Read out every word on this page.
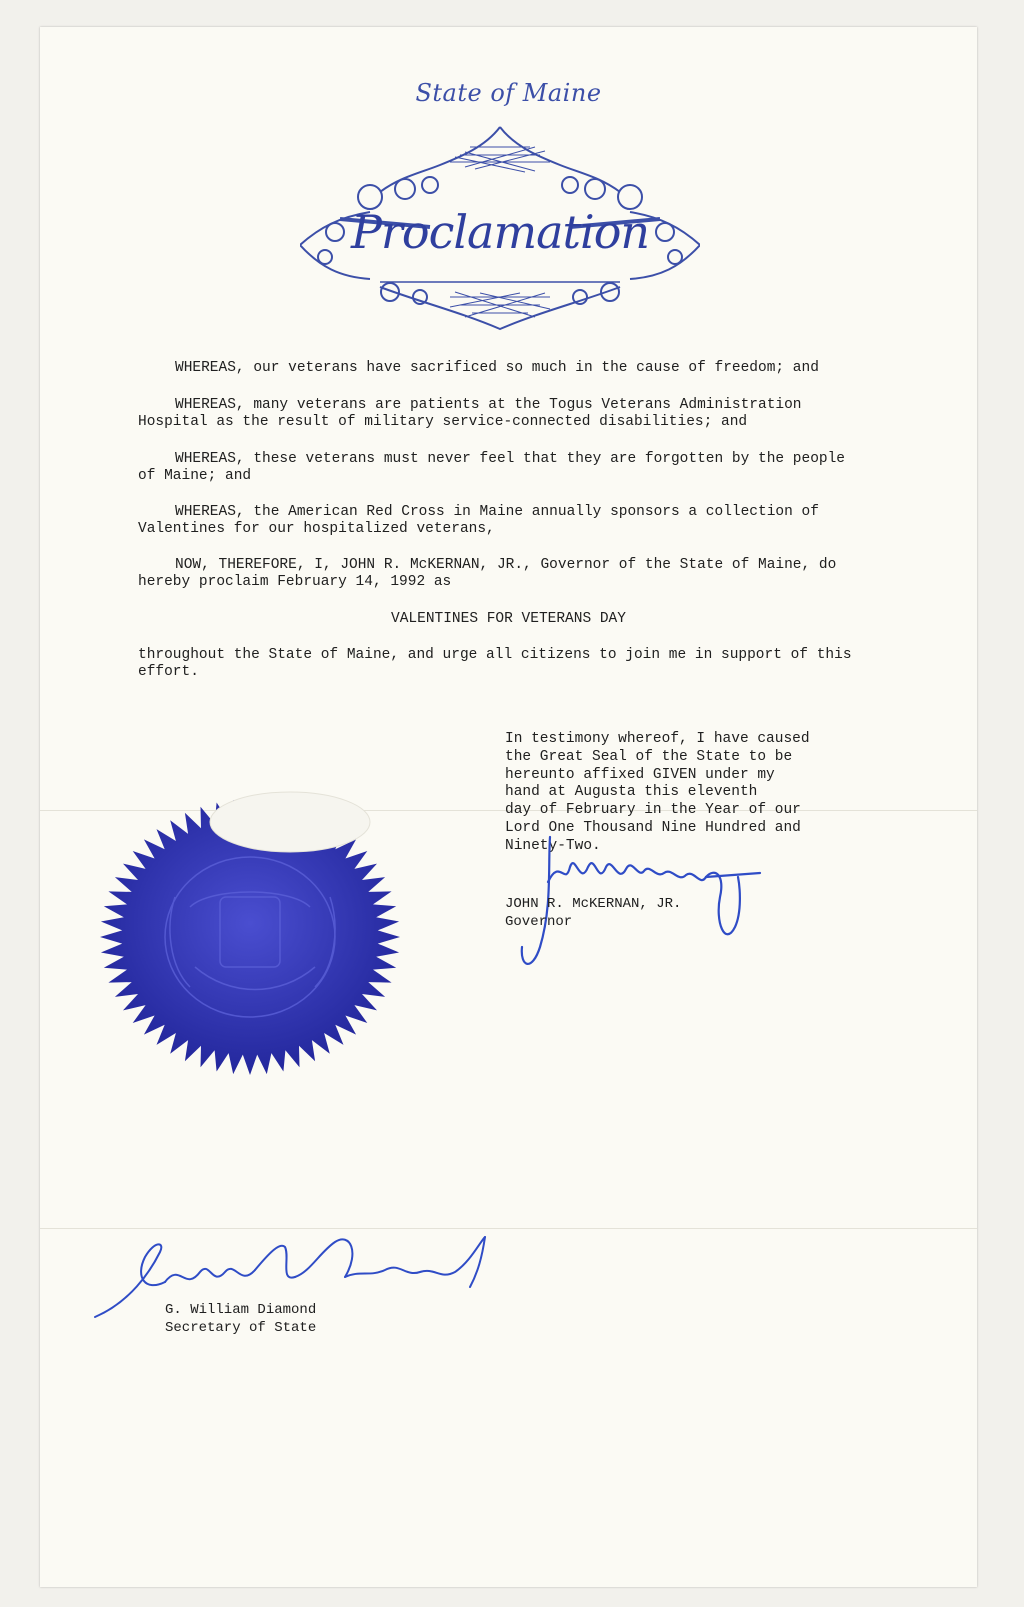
State of Maine
Proclamation
WHEREAS, our veterans have sacrificed so much in the cause of freedom; and
WHEREAS, many veterans are patients at the Togus Veterans Administration Hospital as the result of military service-connected disabilities; and
WHEREAS, these veterans must never feel that they are forgotten by the people of Maine; and
WHEREAS, the American Red Cross in Maine annually sponsors a collection of Valentines for our hospitalized veterans,
NOW, THEREFORE, I, JOHN R. McKERNAN, JR., Governor of the State of Maine, do hereby proclaim February 14, 1992 as
VALENTINES FOR VETERANS DAY
throughout the State of Maine, and urge all citizens to join me in support of this effort.
In testimony whereof, I have caused
the Great Seal of the State to be
hereunto affixed GIVEN under my
hand at Augusta this eleventh
day of February in the Year of our
Lord One Thousand Nine Hundred and
Ninety-Two.
JOHN R. McKERNAN, JR.
Governor
G. William Diamond
Secretary of State
